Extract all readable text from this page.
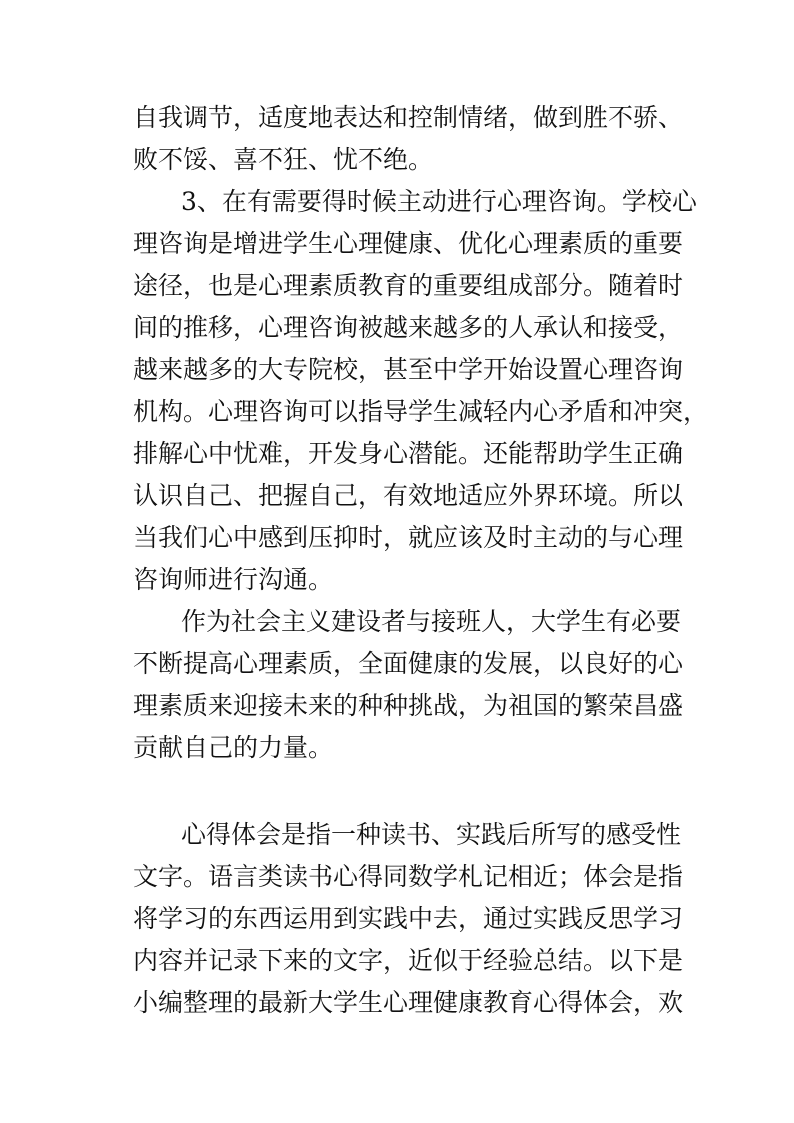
自我调节，适度地表达和控制情绪，做到胜不骄、
败不馁、喜不狂、忧不绝。
3、在有需要得时候主动进行心理咨询。学校心
理咨询是增进学生心理健康、优化心理素质的重要
途径，也是心理素质教育的重要组成部分。随着时
间的推移，心理咨询被越来越多的人承认和接受，
越来越多的大专院校，甚至中学开始设置心理咨询
机构。心理咨询可以指导学生减轻内心矛盾和冲突，
排解心中忧难，开发身心潜能。还能帮助学生正确
认识自己、把握自己，有效地适应外界环境。所以
当我们心中感到压抑时，就应该及时主动的与心理
咨询师进行沟通。
作为社会主义建设者与接班人，大学生有必要
不断提高心理素质，全面健康的发展，以良好的心
理素质来迎接未来的种种挑战，为祖国的繁荣昌盛
贡献自己的力量。
心得体会是指一种读书、实践后所写的感受性
文字。语言类读书心得同数学札记相近；体会是指
将学习的东西运用到实践中去，通过实践反思学习
内容并记录下来的文字，近似于经验总结。以下是
小编整理的最新大学生心理健康教育心得体会，欢
